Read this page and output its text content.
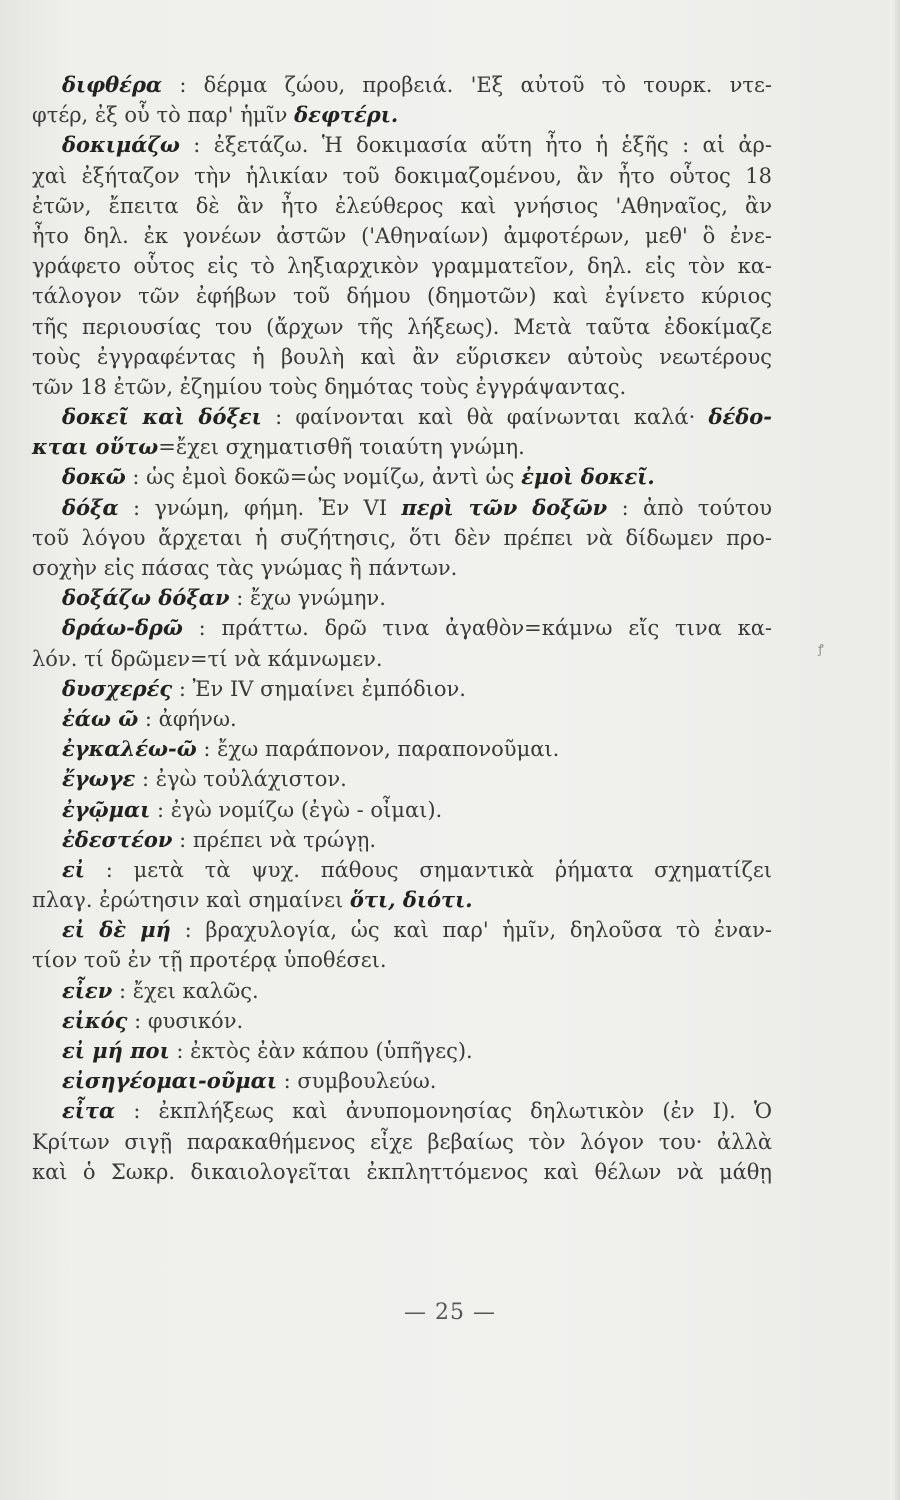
διφθέρα : δέρμα ζώου, προβειά. 'Εξ αὐτοῦ τὸ τουρκ. ντε-
φτέρ, ἐξ οὗ τὸ παρ' ἡμῖν δεφτέρι.
δοκιμάζω : ἐξετάζω. Ἡ δοκιμασία αὕτη ἦτο ἡ ἑξῆς : αἱ ἀρ-
χαὶ ἐξήταζον τὴν ἡλικίαν τοῦ δοκιμαζομένου, ἂν ἦτο οὗτος 18
ἐτῶν, ἔπειτα δὲ ἂν ἦτο ἐλεύθερος καὶ γνήσιος 'Αθηναῖος, ἂν
ἦτο δηλ. ἐκ γονέων ἀστῶν ('Αθηναίων) ἀμφοτέρων, μεθ' ὃ ἐνε-
γράφετο οὗτος εἰς τὸ ληξιαρχικὸν γραμματεῖον, δηλ. εἰς τὸν κα-
τάλογον τῶν ἐφήβων τοῦ δήμου (δημοτῶν) καὶ ἐγίνετο κύριος
τῆς περιουσίας του (ἄρχων τῆς λήξεως). Μετὰ ταῦτα ἐδοκίμαζε
τοὺς ἐγγραφέντας ἡ βουλὴ καὶ ἂν εὕρισκεν αὐτοὺς νεωτέρους
τῶν 18 ἐτῶν, ἐζημίου τοὺς δημότας τοὺς ἐγγράψαντας.
δοκεῖ καὶ δόξει : φαίνονται καὶ θὰ φαίνωνται καλά· δέδο-
κται οὕτω=ἔχει σχηματισθῆ τοιαύτη γνώμη.
δοκῶ : ὡς ἐμοὶ δοκῶ=ὡς νομίζω, ἀντὶ ὡς ἐμοὶ δοκεῖ.
δόξα : γνώμη, φήμη. Ἐν VI περὶ τῶν δοξῶν : ἀπὸ τούτου
τοῦ λόγου ἄρχεται ἡ συζήτησις, ὅτι δὲν πρέπει νὰ δίδωμεν προ-
σοχὴν εἰς πάσας τὰς γνώμας ἢ πάντων.
δοξάζω δόξαν : ἔχω γνώμην.
δράω-δρῶ : πράττω. δρῶ τινα ἀγαθὸν=κάμνω εἴς τινα κα-
λόν. τί δρῶμεν=τί νὰ κάμνωμεν.
δυσχερές : Ἐν IV σημαίνει ἐμπόδιον.
ἐάω ῶ : ἀφήνω.
ἐγκαλέω-ῶ : ἔχω παράπονον, παραπονοῦμαι.
ἔγωγε : ἐγὼ τοὐλάχιστον.
ἐγῷμαι : ἐγὼ νομίζω (ἐγὼ - οἶμαι).
ἐδεστέον : πρέπει νὰ τρώγῃ.
εἰ : μετὰ τὰ ψυχ. πάθους σημαντικὰ ῥήματα σχηματίζει
πλαγ. ἐρώτησιν καὶ σημαίνει ὅτι, διότι.
εἰ δὲ μή : βραχυλογία, ὡς καὶ παρ' ἡμῖν, δηλοῦσα τὸ ἐναν-
τίον τοῦ ἐν τῇ προτέρᾳ ὑποθέσει.
εἶεν : ἔχει καλῶς.
εἰκός : φυσικόν.
εἰ μή ποι : ἐκτὸς ἐὰν κάπου (ὑπῆγες).
εἰσηγέομαι-οῦμαι : συμβουλεύω.
εἶτα : ἐκπλήξεως καὶ ἀνυπομονησίας δηλωτικὸν (ἐν I). Ὁ
Κρίτων σιγῇ παρακαθήμενος εἶχε βεβαίως τὸν λόγον του· ἀλλὰ
καὶ ὁ Σωκρ. δικαιολογεῖται ἐκπληττόμενος καὶ θέλων νὰ μάθῃ
ꝭ
— 25 —
